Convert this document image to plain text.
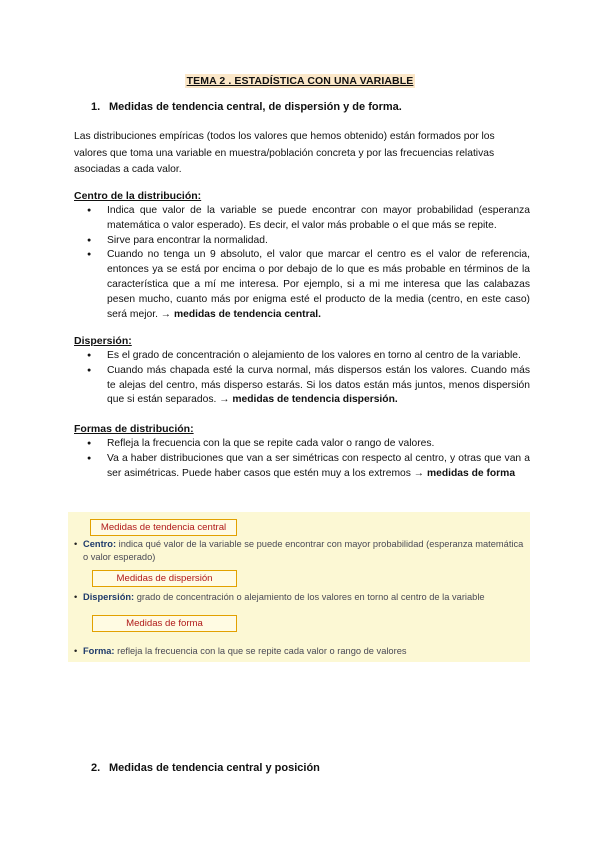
TEMA 2 . ESTADÍSTICA CON UNA VARIABLE
1. Medidas de tendencia central, de dispersión y de forma.
Las distribuciones empíricas (todos los valores que hemos obtenido) están formados por los valores que toma una variable en muestra/población concreta y por las frecuencias relativas asociadas a cada valor.
Centro de la distribución:
● Indica que valor de la variable se puede encontrar con mayor probabilidad (esperanza matemática o valor esperado). Es decir, el valor más probable o el que más se repite.
● Sirve para encontrar la normalidad.
● Cuando no tenga un 9 absoluto, el valor que marcar el centro es el valor de referencia, entonces ya se está por encima o por debajo de lo que es más probable en términos de la característica que a mí me interesa. Por ejemplo, si a mi me interesa que las calabazas pesen mucho, cuanto más por enigma esté el producto de la media (centro, en este caso) será mejor. → medidas de tendencia central.
Dispersión:
● Es el grado de concentración o alejamiento de los valores en torno al centro de la variable.
● Cuando más chapada esté la curva normal, más dispersos están los valores. Cuando más te alejas del centro, más disperso estarás. Si los datos están más juntos, menos dispersión que si están separados. → medidas de tendencia dispersión.
Formas de distribución:
● Refleja la frecuencia con la que se repite cada valor o rango de valores.
● Va a haber distribuciones que van a ser simétricas con respecto al centro, y otras que van a ser asimétricas. Puede haber casos que estén muy a los extremos → medidas de forma
Medidas de tendencia central
• Centro: indica qué valor de la variable se puede encontrar con mayor probabilidad (esperanza matemática o valor esperado)
Medidas de dispersión
• Dispersión: grado de concentración o alejamiento de los valores en torno al centro de la variable
Medidas de forma
• Forma: refleja la frecuencia con la que se repite cada valor o rango de valores
2. Medidas de tendencia central y posición
